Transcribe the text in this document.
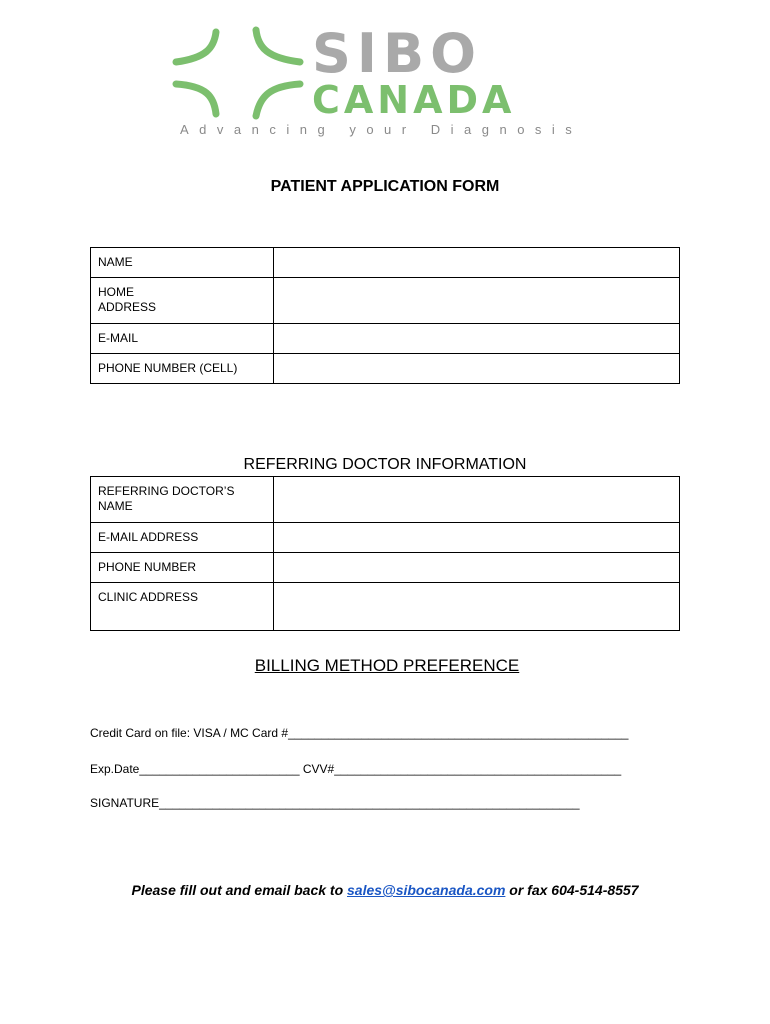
SIBO
CANADA
Advancing your Diagnosis
PATIENT APPLICATION FORM
NAME	
HOME
ADDRESS	
E-MAIL	
PHONE NUMBER (CELL)	
REFERRING DOCTOR INFORMATION
REFERRING DOCTOR’S
NAME	
E-MAIL ADDRESS	
PHONE NUMBER	
CLINIC ADDRESS	
BILLING METHOD PREFERENCE
Credit Card on file: VISA / MC Card #___________________________________________________
Exp.Date________________________ CVV#___________________________________________
SIGNATURE_______________________________________________________________
Please fill out and email back to sales@sibocanada.com or fax 604-514-8557
